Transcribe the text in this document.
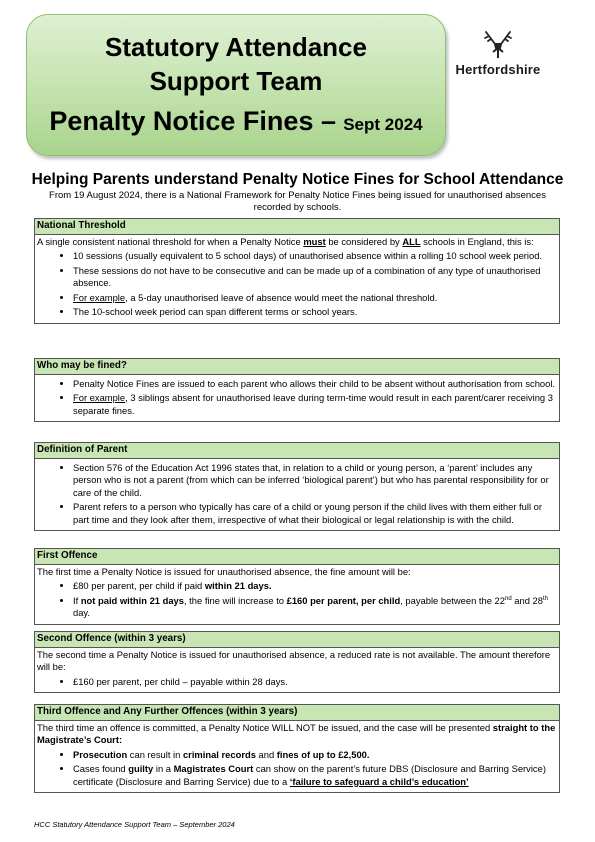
Statutory Attendance
Support Team
Penalty Notice Fines – Sept 2024
Hertfordshire
Helping Parents understand Penalty Notice Fines for School Attendance
From 19 August 2024, there is a National Framework for Penalty Notice Fines being issued for unauthorised absences recorded by schools.
National Threshold
A single consistent national threshold for when a Penalty Notice must be considered by ALL schools in England, this is:
• 10 sessions (usually equivalent to 5 school days) of unauthorised absence within a rolling 10 school week period.
• These sessions do not have to be consecutive and can be made up of a combination of any type of unauthorised absence.
• For example, a 5-day unauthorised leave of absence would meet the national threshold.
• The 10-school week period can span different terms or school years.
Who may be fined?
• Penalty Notice Fines are issued to each parent who allows their child to be absent without authorisation from school.
• For example, 3 siblings absent for unauthorised leave during term-time would result in each parent/carer receiving 3 separate fines.
Definition of Parent
• Section 576 of the Education Act 1996 states that, in relation to a child or young person, a ‘parent’ includes any person who is not a parent (from which can be inferred ‘biological parent’) but who has parental responsibility for or care of the child.
• Parent refers to a person who typically has care of a child or young person if the child lives with them either full or part time and they look after them, irrespective of what their biological or legal relationship is with the child.
First Offence
The first time a Penalty Notice is issued for unauthorised absence, the fine amount will be:
• £80 per parent, per child if paid within 21 days.
• If not paid within 21 days, the fine will increase to £160 per parent, per child, payable between the 22nd and 28th day.
Second Offence (within 3 years)
The second time a Penalty Notice is issued for unauthorised absence, a reduced rate is not available. The amount therefore will be:
• £160 per parent, per child – payable within 28 days.
Third Offence and Any Further Offences (within 3 years)
The third time an offence is committed, a Penalty Notice WILL NOT be issued, and the case will be presented straight to the Magistrate’s Court:
• Prosecution can result in criminal records and fines of up to £2,500.
• Cases found guilty in a Magistrates Court can show on the parent’s future DBS (Disclosure and Barring Service) certificate (Disclosure and Barring Service) due to a ‘failure to safeguard a child’s education’
HCC Statutory Attendance Support Team – September 2024
